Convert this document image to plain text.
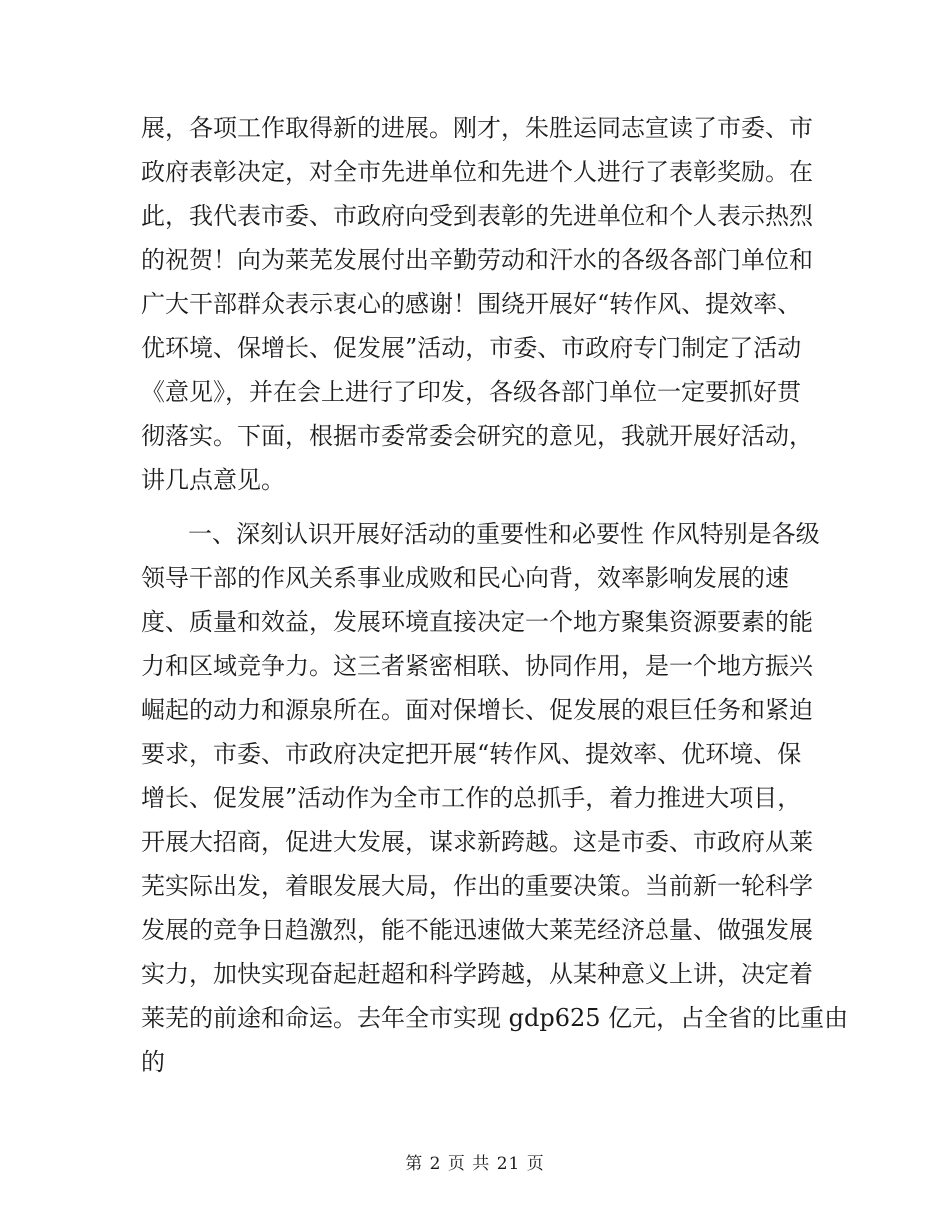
展，各项工作取得新的进展。刚才，朱胜运同志宣读了市委、市
政府表彰决定，对全市先进单位和先进个人进行了表彰奖励。在
此，我代表市委、市政府向受到表彰的先进单位和个人表示热烈
的祝贺！向为莱芜发展付出辛勤劳动和汗水的各级各部门单位和
广大干部群众表示衷心的感谢！围绕开展好“转作风、提效率、
优环境、保增长、促发展”活动，市委、市政府专门制定了活动
《意见》，并在会上进行了印发，各级各部门单位一定要抓好贯
彻落实。下面，根据市委常委会研究的意见，我就开展好活动，
讲几点意见。
一、深刻认识开展好活动的重要性和必要性 作风特别是各级
领导干部的作风关系事业成败和民心向背，效率影响发展的速
度、质量和效益，发展环境直接决定一个地方聚集资源要素的能
力和区域竞争力。这三者紧密相联、协同作用，是一个地方振兴
崛起的动力和源泉所在。面对保增长、促发展的艰巨任务和紧迫
要求，市委、市政府决定把开展“转作风、提效率、优环境、保
增长、促发展”活动作为全市工作的总抓手，着力推进大项目，
开展大招商，促进大发展，谋求新跨越。这是市委、市政府从莱
芜实际出发，着眼发展大局，作出的重要决策。当前新一轮科学
发展的竞争日趋激烈，能不能迅速做大莱芜经济总量、做强发展
实力，加快实现奋起赶超和科学跨越，从某种意义上讲，决定着
莱芜的前途和命运。去年全市实现 gdp625 亿元，占全省的比重由
的
第 2 页 共 21 页
